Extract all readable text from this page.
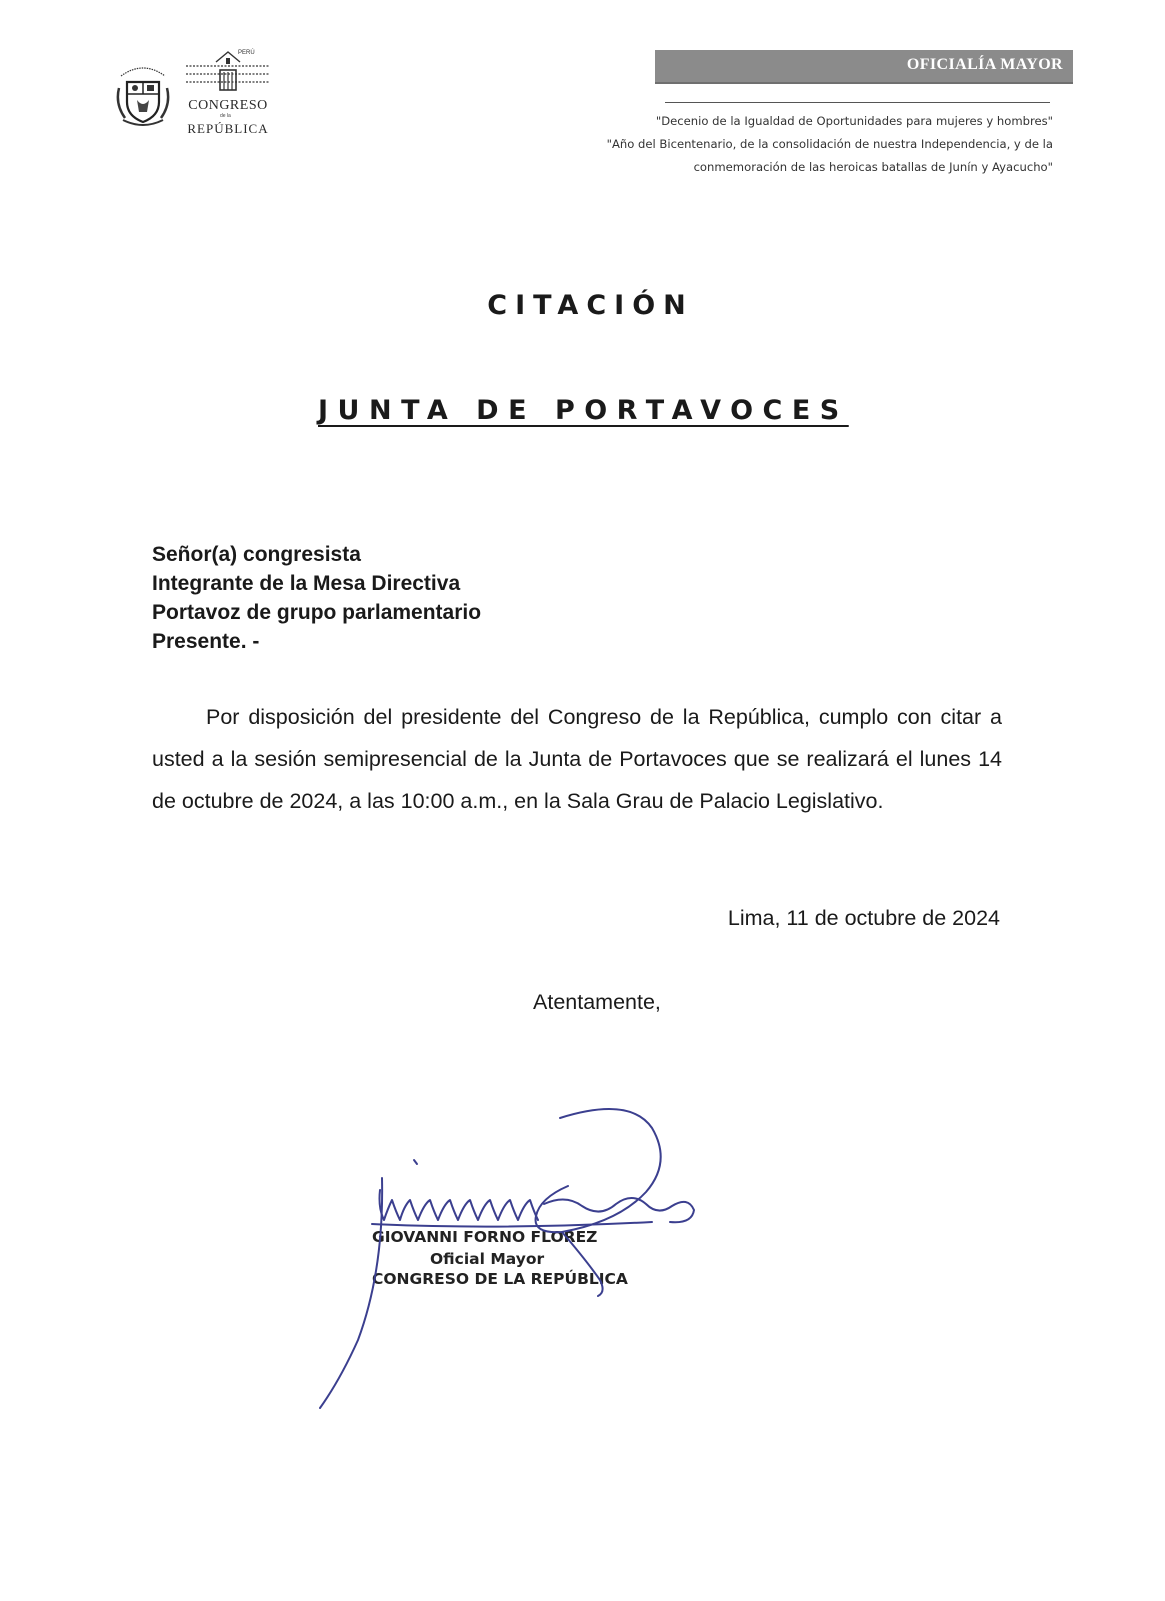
PERÚ
CONGRESO
de la
REPÚBLICA
OFICIALÍA MAYOR
"Decenio de la Igualdad de Oportunidades para mujeres y hombres"
"Año del Bicentenario, de la consolidación de nuestra Independencia, y de la
conmemoración de las heroicas batallas de Junín y Ayacucho"
CITACIÓN
JUNTA DE PORTAVOCES
Señor(a) congresista
Integrante de la Mesa Directiva
Portavoz de grupo parlamentario
Presente. -
Por disposición del presidente del Congreso de la República, cumplo con citar a usted a la sesión semipresencial de la Junta de Portavoces que se realizará el lunes 14 de octubre de 2024, a las 10:00 a.m., en la Sala Grau de Palacio Legislativo.
Lima, 11 de octubre de 2024
Atentamente,
GIOVANNI FORNO FLOREZ
Oficial Mayor
CONGRESO DE LA REPÚBLICA
